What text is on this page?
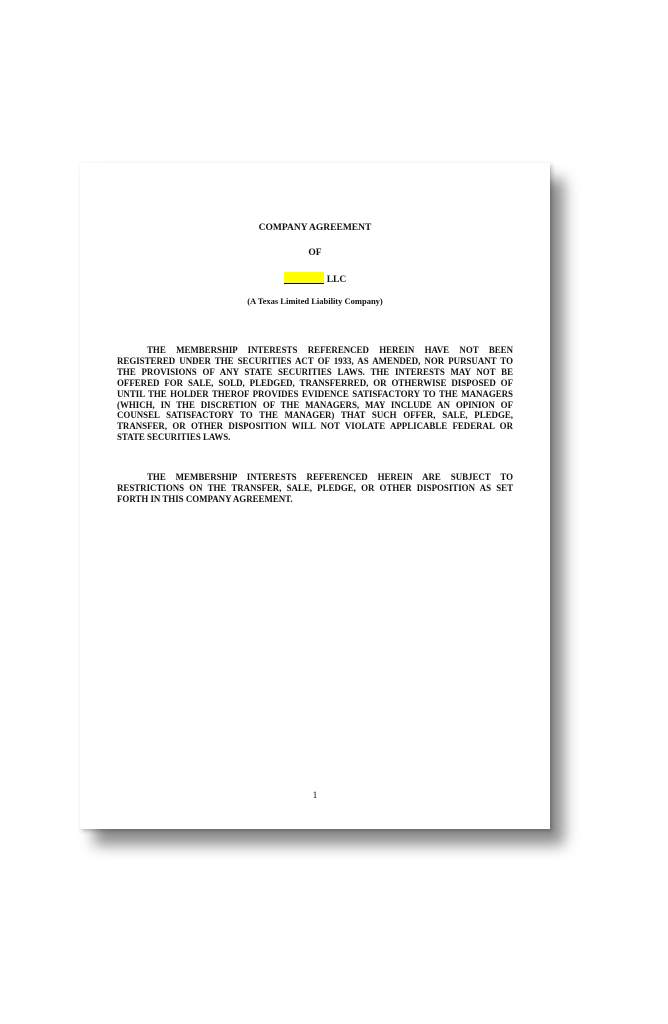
COMPANY AGREEMENT
OF
LLC
(A Texas Limited Liability Company)

THE MEMBERSHIP INTERESTS REFERENCED HEREIN HAVE NOT BEEN REGISTERED UNDER THE SECURITIES ACT OF 1933, AS AMENDED, NOR PURSUANT TO THE PROVISIONS OF ANY STATE SECURITIES LAWS. THE INTERESTS MAY NOT BE OFFERED FOR SALE, SOLD, PLEDGED, TRANSFERRED, OR OTHERWISE DISPOSED OF UNTIL THE HOLDER THEROF PROVIDES EVIDENCE SATISFACTORY TO THE MANAGERS (WHICH, IN THE DISCRETION OF THE MANAGERS, MAY INCLUDE AN OPINION OF COUNSEL SATISFACTORY TO THE MANAGER) THAT SUCH OFFER, SALE, PLEDGE, TRANSFER, OR OTHER DISPOSITION WILL NOT VIOLATE APPLICABLE FEDERAL OR STATE SECURITIES LAWS.

THE MEMBERSHIP INTERESTS REFERENCED HEREIN ARE SUBJECT TO RESTRICTIONS ON THE TRANSFER, SALE, PLEDGE, OR OTHER DISPOSITION AS SET FORTH IN THIS COMPANY AGREEMENT.

1
